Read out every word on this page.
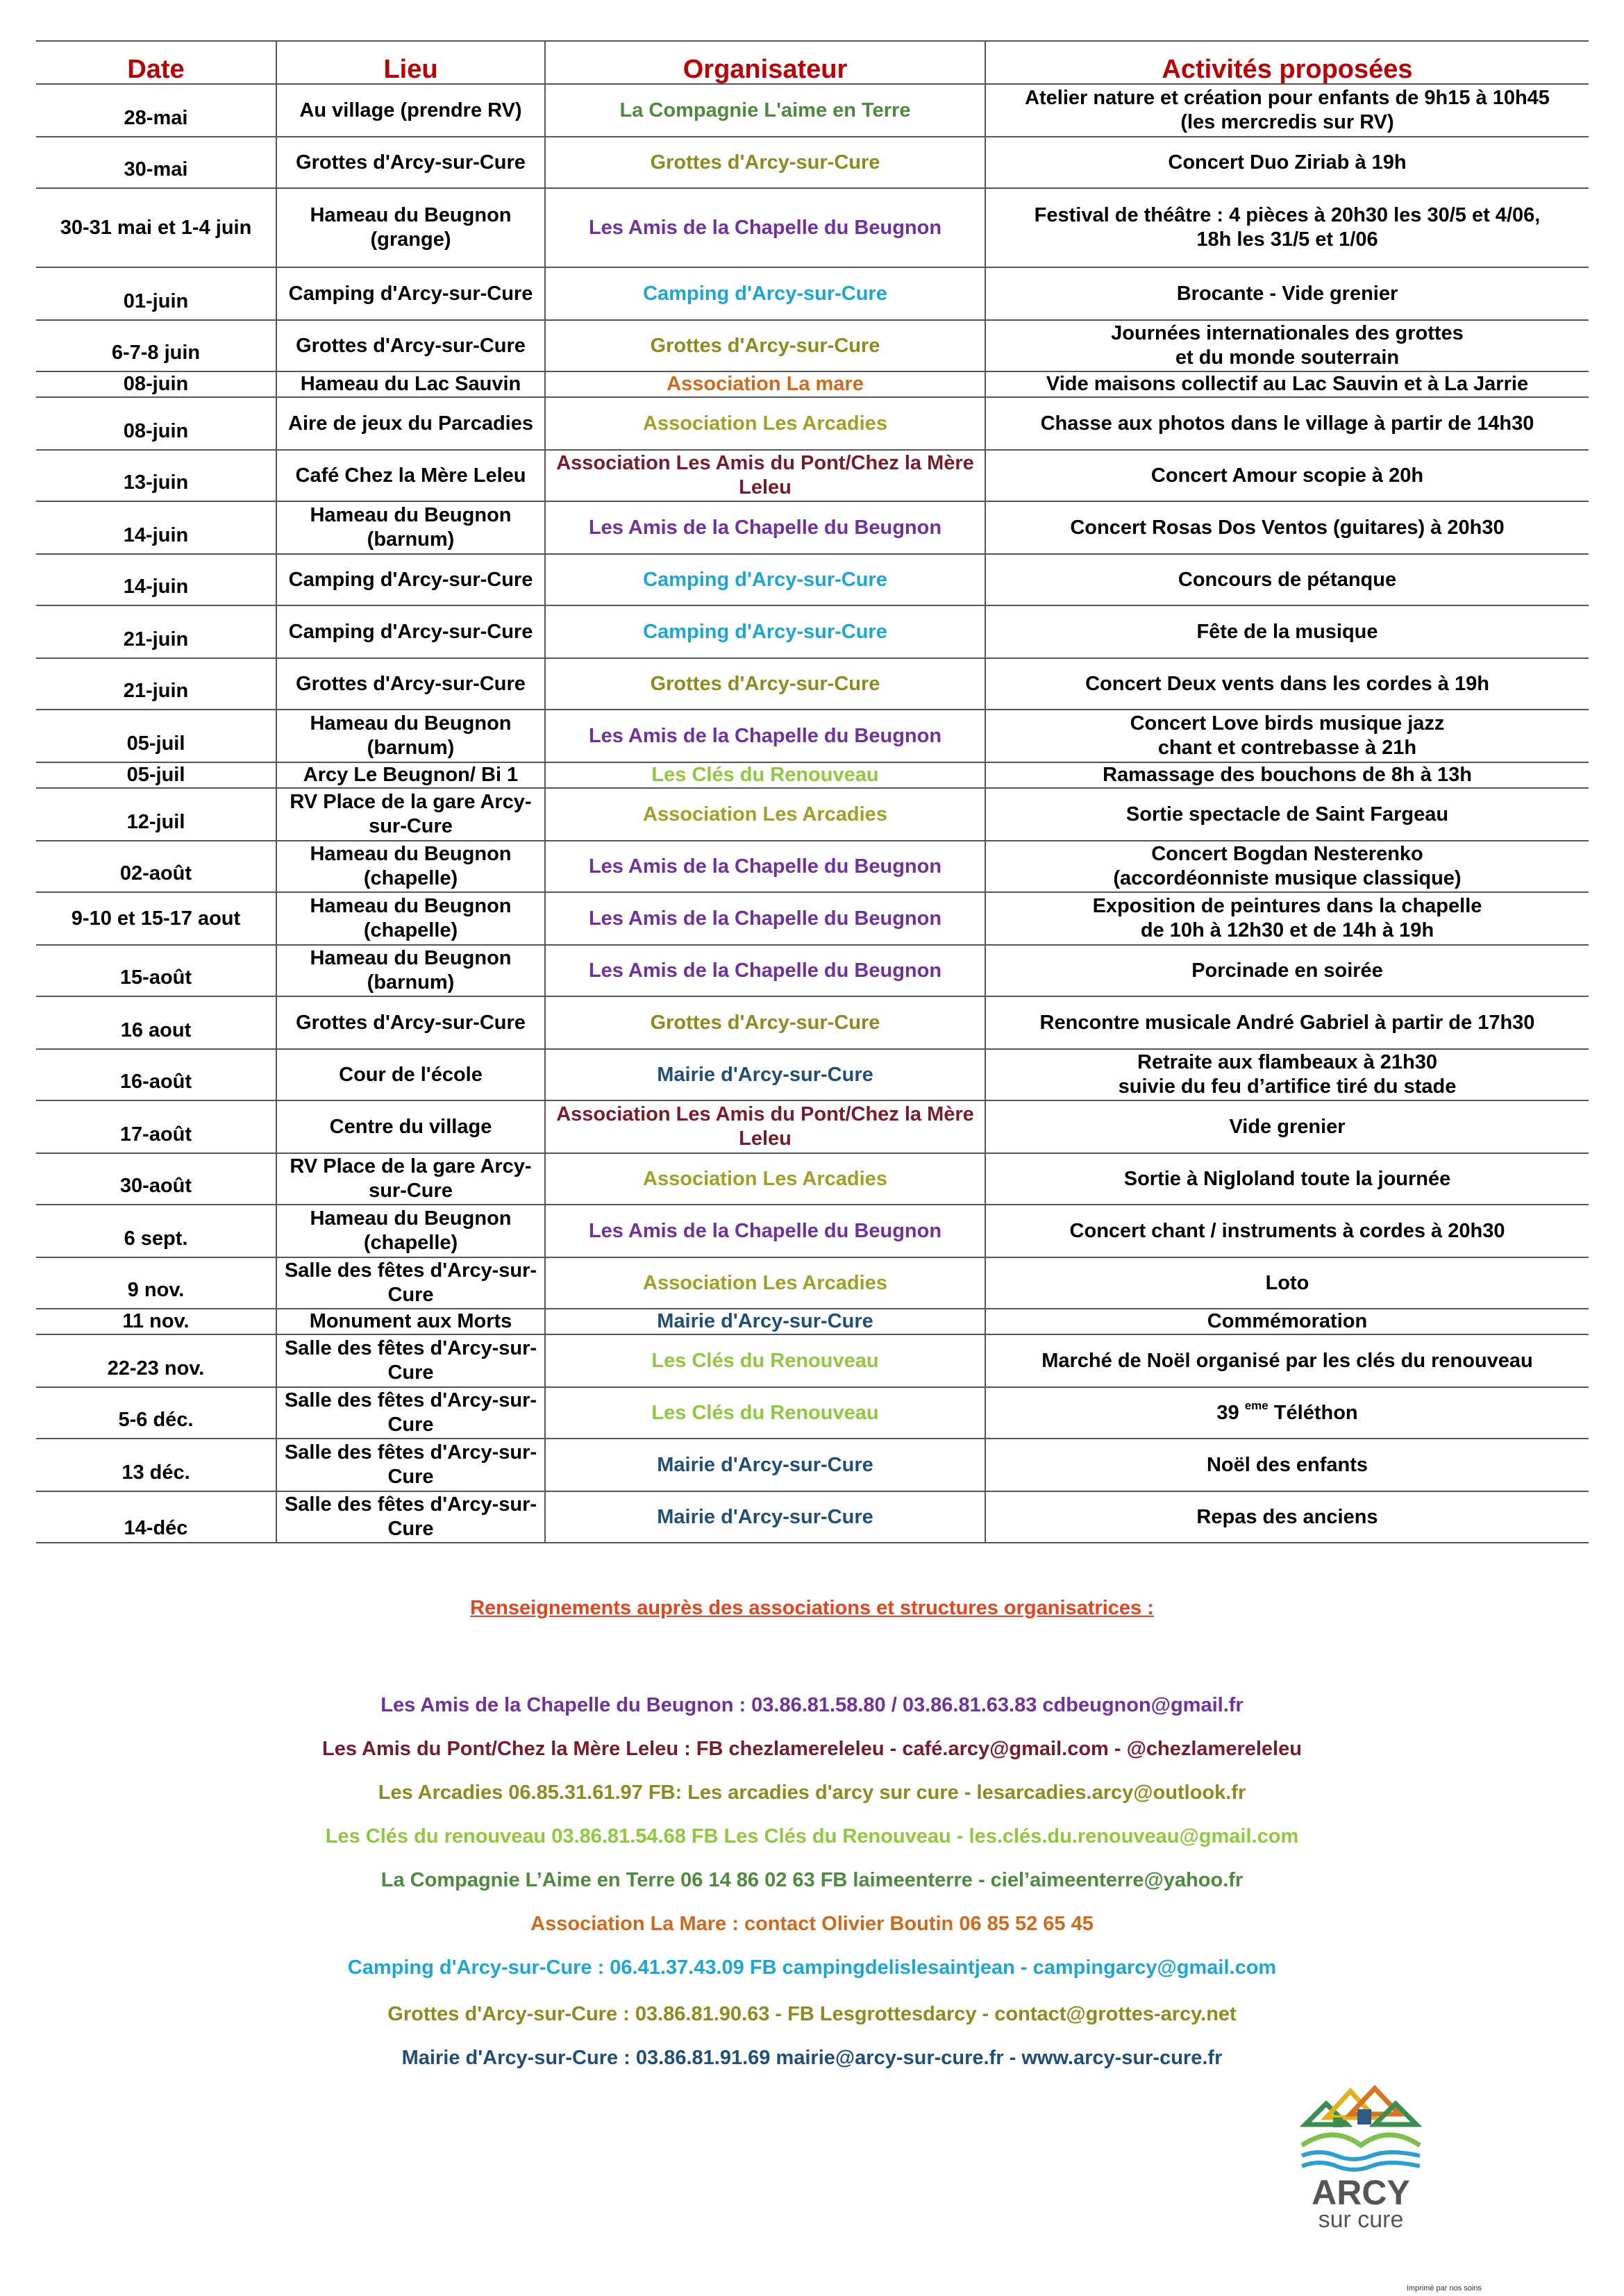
Date	Lieu	Organisateur	Activités proposées
28-mai	Au village (prendre RV)	La Compagnie L'aime en Terre	Atelier nature et création pour enfants de 9h15 à 10h45
(les mercredis sur RV)

30-mai	Grottes d'Arcy-sur-Cure	Grottes d'Arcy-sur-Cure	Concert Duo Ziriab à 19h

30-31 mai et 1-4 juin	Hameau du Beugnon (grange)	Les Amis de la Chapelle du Beugnon	Festival de théâtre : 4 pièces à 20h30 les 30/5 et 4/06,
18h les 31/5 et 1/06

01-juin	Camping d'Arcy-sur-Cure	Camping d'Arcy-sur-Cure	Brocante - Vide grenier

6-7-8 juin	Grottes d'Arcy-sur-Cure	Grottes d'Arcy-sur-Cure	Journées internationales des grottes
et du monde souterrain

08-juin	Hameau du Lac Sauvin	Association La mare	Vide maisons collectif au Lac Sauvin et à La Jarrie

08-juin	Aire de jeux du Parcadies	Association Les Arcadies	Chasse aux photos dans le village à partir de 14h30

13-juin	Café Chez la Mère Leleu	Association Les Amis du Pont/Chez la Mère Leleu	Concert Amour scopie à 20h

14-juin	Hameau du Beugnon (barnum)	Les Amis de la Chapelle du Beugnon	Concert Rosas Dos Ventos (guitares) à 20h30

14-juin	Camping d'Arcy-sur-Cure	Camping d'Arcy-sur-Cure	Concours de pétanque

21-juin	Camping d'Arcy-sur-Cure	Camping d'Arcy-sur-Cure	Fête de la musique

21-juin	Grottes d'Arcy-sur-Cure	Grottes d'Arcy-sur-Cure	Concert Deux vents dans les cordes à 19h

05-juil	Hameau du Beugnon (barnum)	Les Amis de la Chapelle du Beugnon	Concert Love birds musique jazz
chant et contrebasse à 21h

05-juil	Arcy Le Beugnon/ Bi 1	Les Clés du Renouveau	Ramassage des bouchons de 8h à 13h

12-juil	RV Place de la gare Arcy-sur-Cure	Association Les Arcadies	Sortie spectacle de Saint Fargeau

02-août	Hameau du Beugnon (chapelle)	Les Amis de la Chapelle du Beugnon	Concert Bogdan Nesterenko
(accordéonniste musique classique)

9-10 et 15-17 aout	Hameau du Beugnon (chapelle)	Les Amis de la Chapelle du Beugnon	Exposition de peintures dans la chapelle
de 10h à 12h30 et de 14h à 19h

15-août	Hameau du Beugnon (barnum)	Les Amis de la Chapelle du Beugnon	Porcinade en soirée

16 aout	Grottes d'Arcy-sur-Cure	Grottes d'Arcy-sur-Cure	Rencontre musicale André Gabriel à partir de 17h30

16-août	Cour de l'école	Mairie d'Arcy-sur-Cure	Retraite aux flambeaux à 21h30
suivie du feu d’artifice tiré du stade

17-août	Centre du village	Association Les Amis du Pont/Chez la Mère Leleu	Vide grenier

30-août	RV Place de la gare Arcy-sur-Cure	Association Les Arcadies	Sortie à Nigloland toute la journée

6 sept.	Hameau du Beugnon (chapelle)	Les Amis de la Chapelle du Beugnon	Concert chant / instruments à cordes à 20h30

9 nov.	Salle des fêtes d'Arcy-sur-Cure	Association Les Arcadies	Loto

11 nov.	Monument aux Morts	Mairie d'Arcy-sur-Cure	Commémoration

22-23 nov.	Salle des fêtes d'Arcy-sur-Cure	Les Clés du Renouveau	Marché de Noël organisé par les clés du renouveau

5-6 déc.	Salle des fêtes d'Arcy-sur-Cure	Les Clés du Renouveau	39 $^{eme}$ Téléthon
13 déc.	Salle des fêtes d'Arcy-sur-Cure	Mairie d'Arcy-sur-Cure	Noël des enfants

14-déc	Salle des fêtes d'Arcy-sur-Cure	Mairie d'Arcy-sur-Cure	Repas des anciens
Renseignements auprès des associations et structures organisatrices :
Les Amis de la Chapelle du Beugnon : 03.86.81.58.80 / 03.86.81.63.83 cdbeugnon@gmail.fr
Les Amis du Pont/Chez la Mère Leleu : FB chezlamereleleu - café.arcy@gmail.com - @chezlamereleleu
Les Arcadies 06.85.31.61.97 FB: Les arcadies d'arcy sur cure - lesarcadies.arcy@outlook.fr
Les Clés du renouveau 03.86.81.54.68 FB Les Clés du Renouveau - les.clés.du.renouveau@gmail.com
La Compagnie L’Aime en Terre 06 14 86 02 63 FB laimeenterre - ciel’aimeenterre@yahoo.fr
Association La Mare : contact Olivier Boutin 06 85 52 65 45
Camping d'Arcy-sur-Cure : 06.41.37.43.09 FB campingdelislesaintjean - campingarcy@gmail.com
Grottes d'Arcy-sur-Cure : 03.86.81.90.63 - FB Lesgrottesdarcy - contact@grottes-arcy.net
Mairie d'Arcy-sur-Cure : 03.86.81.91.69 mairie@arcy-sur-cure.fr - www.arcy-sur-cure.fr
ARCY
sur cure
Imprimé par nos soins
